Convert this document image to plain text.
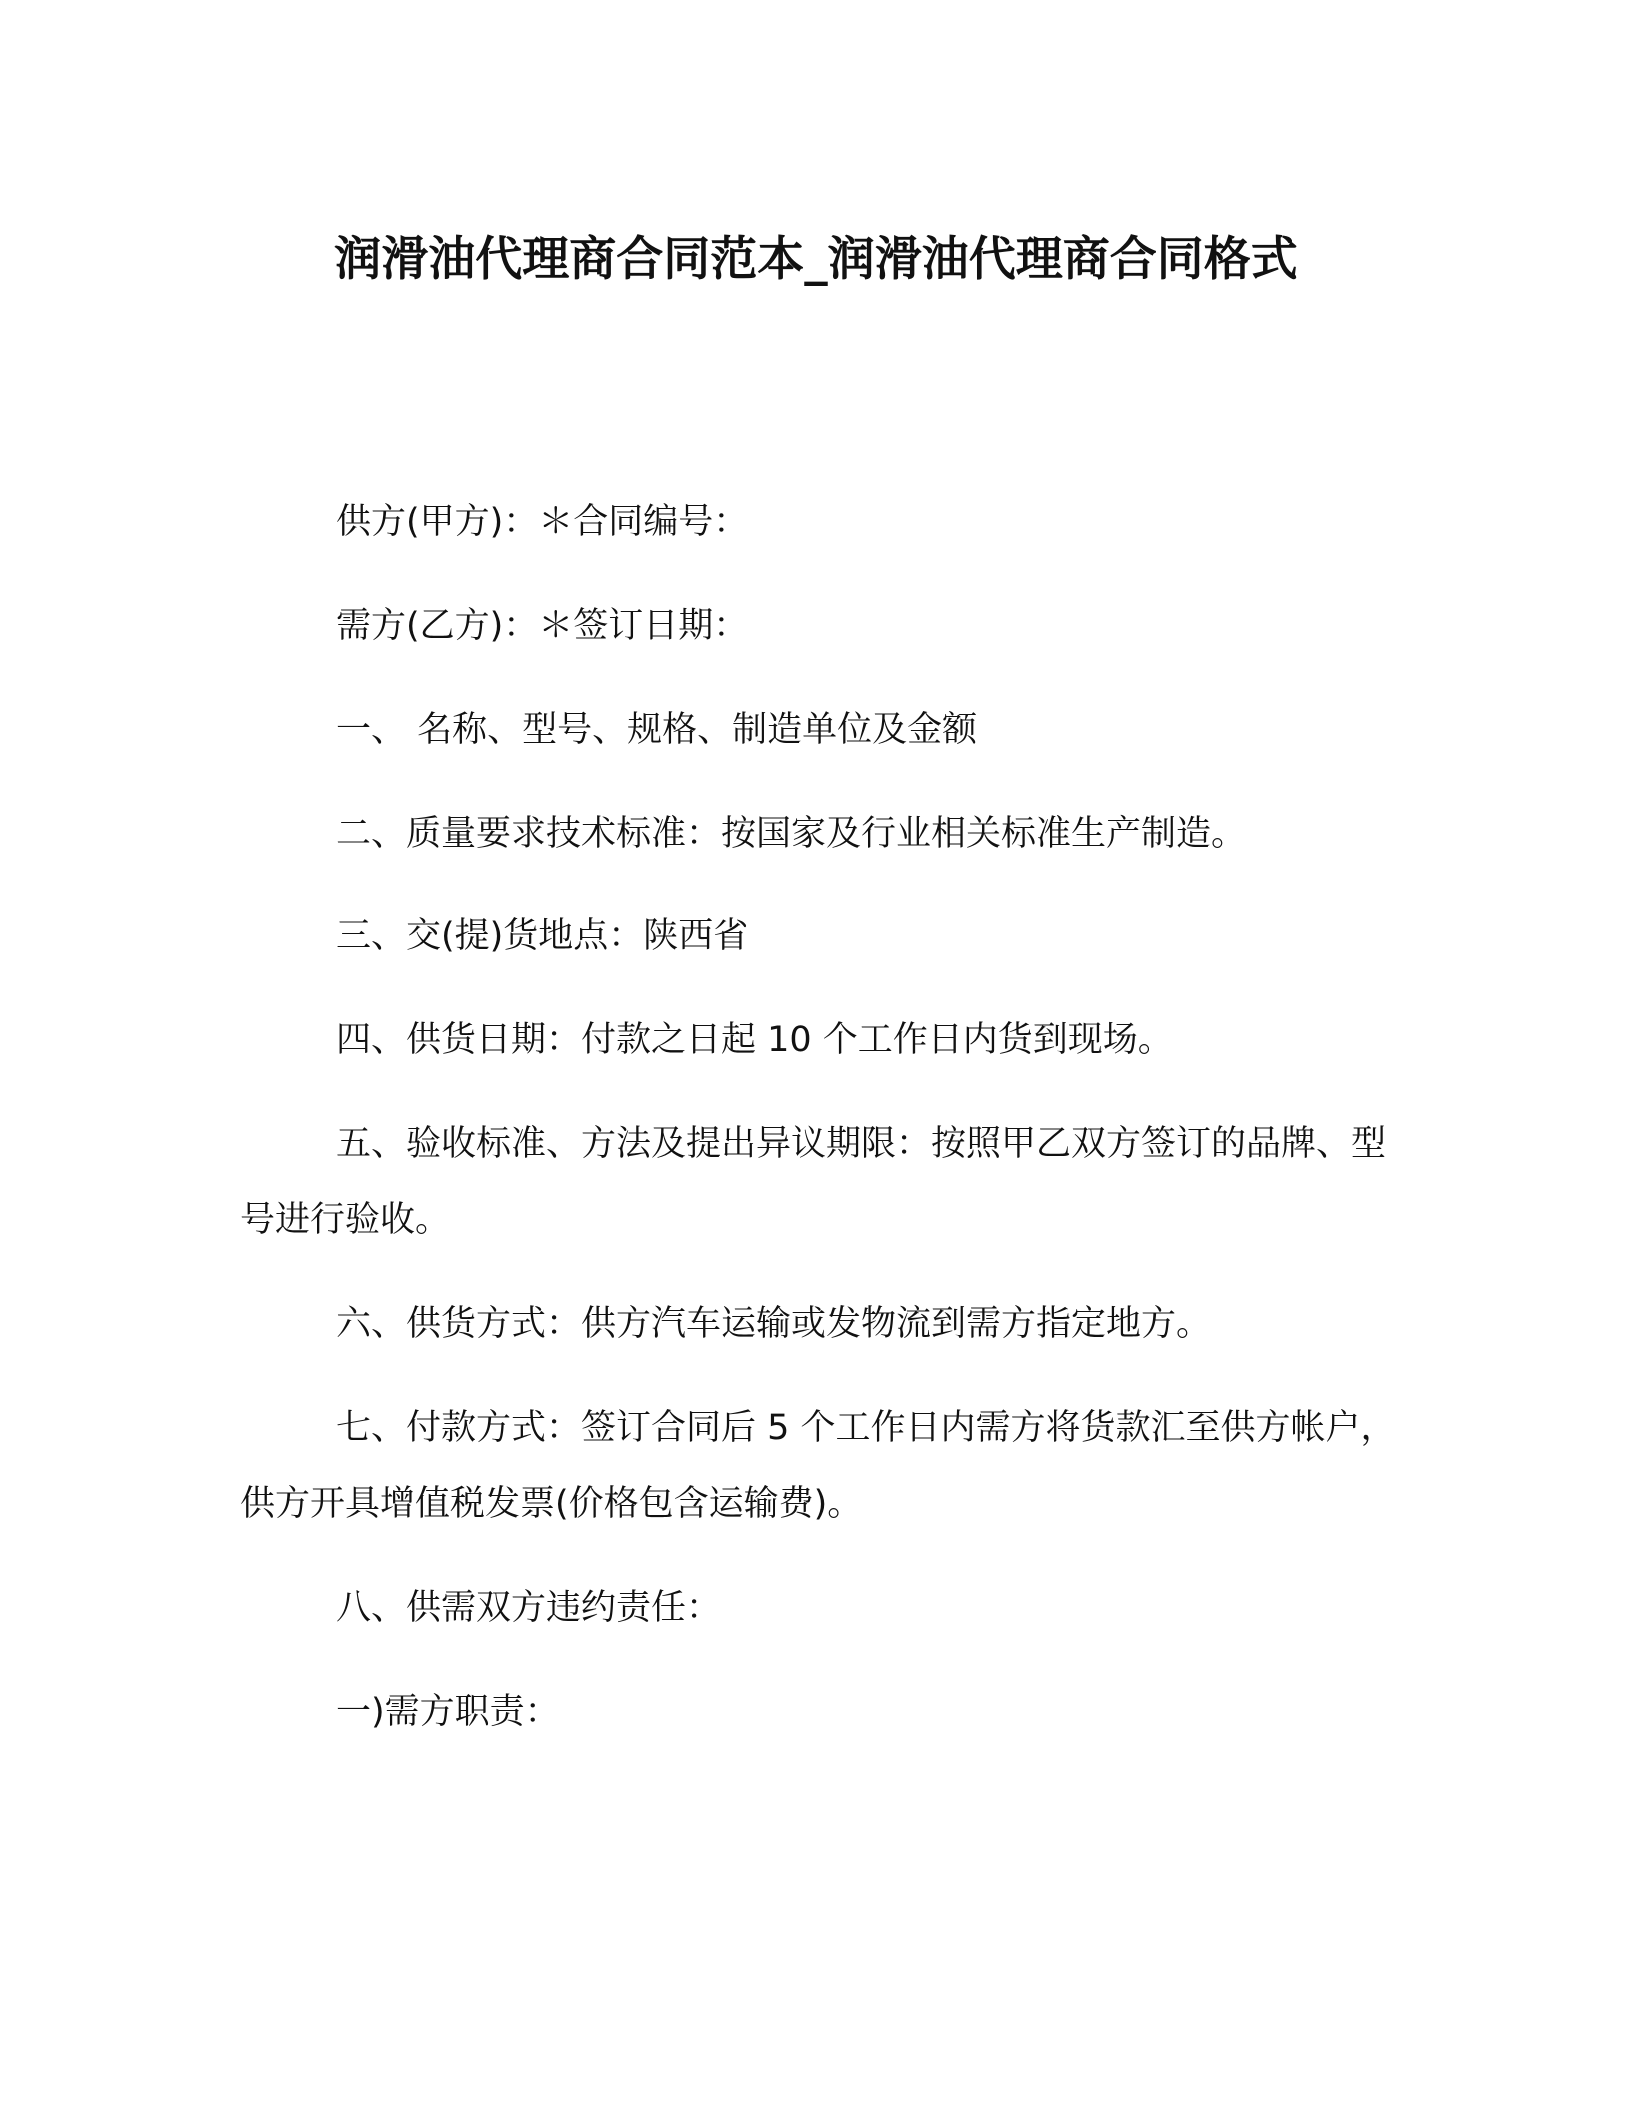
润滑油代理商合同范本_润滑油代理商合同格式
供方(甲方)：＊合同编号：
需方(乙方)：＊签订日期：
一、 名称、型号、规格、制造单位及金额
二、质量要求技术标准：按国家及行业相关标准生产制造。
三、交(提)货地点：陕西省
四、供货日期：付款之日起 10 个工作日内货到现场。
五、验收标准、方法及提出异议期限：按照甲乙双方签订的品牌、型号进行验收。
六、供货方式：供方汽车运输或发物流到需方指定地方。
七、付款方式：签订合同后 5 个工作日内需方将货款汇至供方帐户，供方开具增值税发票(价格包含运输费)。
八、供需双方违约责任：
一)需方职责：
